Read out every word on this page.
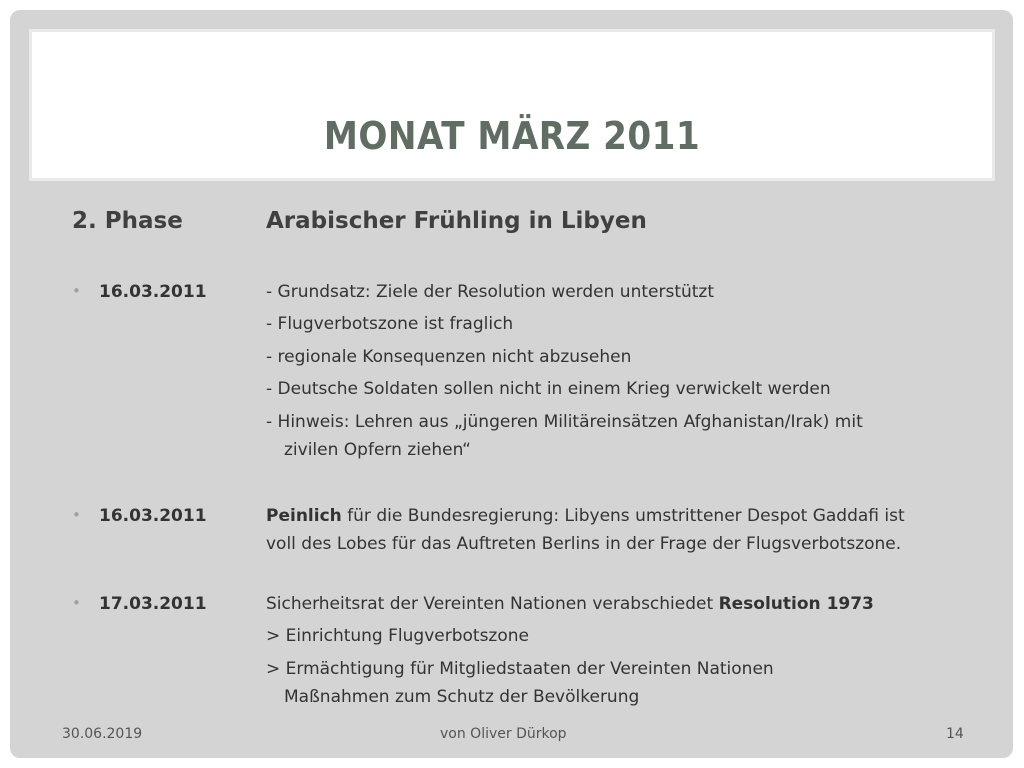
MONAT MÄRZ 2011
2. Phase	Arabischer Frühling in Libyen
• 16.03.2011	- Grundsatz: Ziele der Resolution werden unterstützt
- Flugverbotszone ist fraglich
- regionale Konsequenzen nicht abzusehen
- Deutsche Soldaten sollen nicht in einem Krieg verwickelt werden
- Hinweis: Lehren aus „jüngeren Militäreinsätzen Afghanistan/Irak) mit
zivilen Opfern ziehen“
• 16.03.2011	Peinlich für die Bundesregierung: Libyens umstrittener Despot Gaddafi ist
voll des Lobes für das Auftreten Berlins in der Frage der Flugsverbotszone.
• 17.03.2011	Sicherheitsrat der Vereinten Nationen verabschiedet Resolution 1973
> Einrichtung Flugverbotszone
> Ermächtigung für Mitgliedstaaten der Vereinten Nationen
Maßnahmen zum Schutz der Bevölkerung
30.06.2019	von Oliver Dürkop	14
